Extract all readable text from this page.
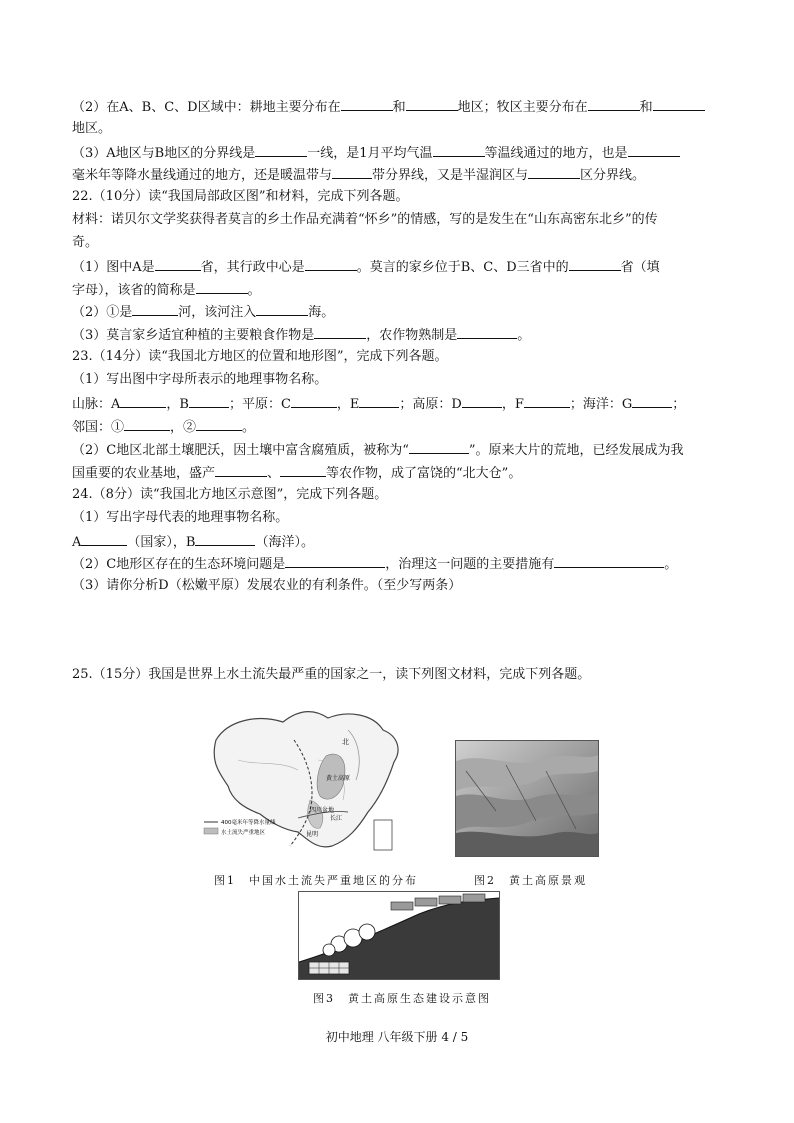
（2）在A、B、C、D区域中：耕地主要分布在	和	地区；牧区主要分布在	和
地区。
（3）A地区与B地区的分界线是	一线，是1月平均气温	等温线通过的地方，也是
毫米年等降水量线通过的地方，还是暖温带与	带分界线，又是半湿润区与	区分界线。
22.（10分）读“我国局部政区图”和材料，完成下列各题。
材料：诺贝尔文学奖获得者莫言的乡土作品充满着“怀乡”的情感，写的是发生在“山东高密东北乡”的传
奇。
（1）图中A是	省，其行政中心是	。莫言的家乡位于B、C、D三省中的	省（填
字母），该省的简称是	。
（2）①是	河，该河注入	海。
（3）莫言家乡适宜种植的主要粮食作物是	，农作物熟制是	。
23.（14分）读“我国北方地区的位置和地形图”，完成下列各题。
（1）写出图中字母所表示的地理事物名称。
山脉：A	，B	；平原：C	，E	；高原：D	，F	；海洋：G	；
邻国：①	，②	。
（2）C地区北部土壤肥沃，因土壤中富含腐殖质，被称为“	”。原来大片的荒地，已经发展成为我
国重要的农业基地，盛产	、	等农作物，成了富饶的“北大仓”。
24.（8分）读“我国北方地区示意图”，完成下列各题。
（1）写出字母代表的地理事物名称。
A	（国家），B	（海洋）。
（2）C地形区存在的生态环境问题是	，治理这一问题的主要措施有	。
（3）请你分析D（松嫩平原）发展农业的有利条件。（至少写两条）
25.（15分）我国是世界上水土流失最严重的国家之一，读下列图文材料，完成下列各题。
北
黄土高原
四川盆地
长江
昆明
400毫米年等降水量线
水土流失严重地区
图1　中国水土流失严重地区的分布	图2　黄土高原景观
图3　黄土高原生态建设示意图
初中地理 八年级下册 4 / 5
